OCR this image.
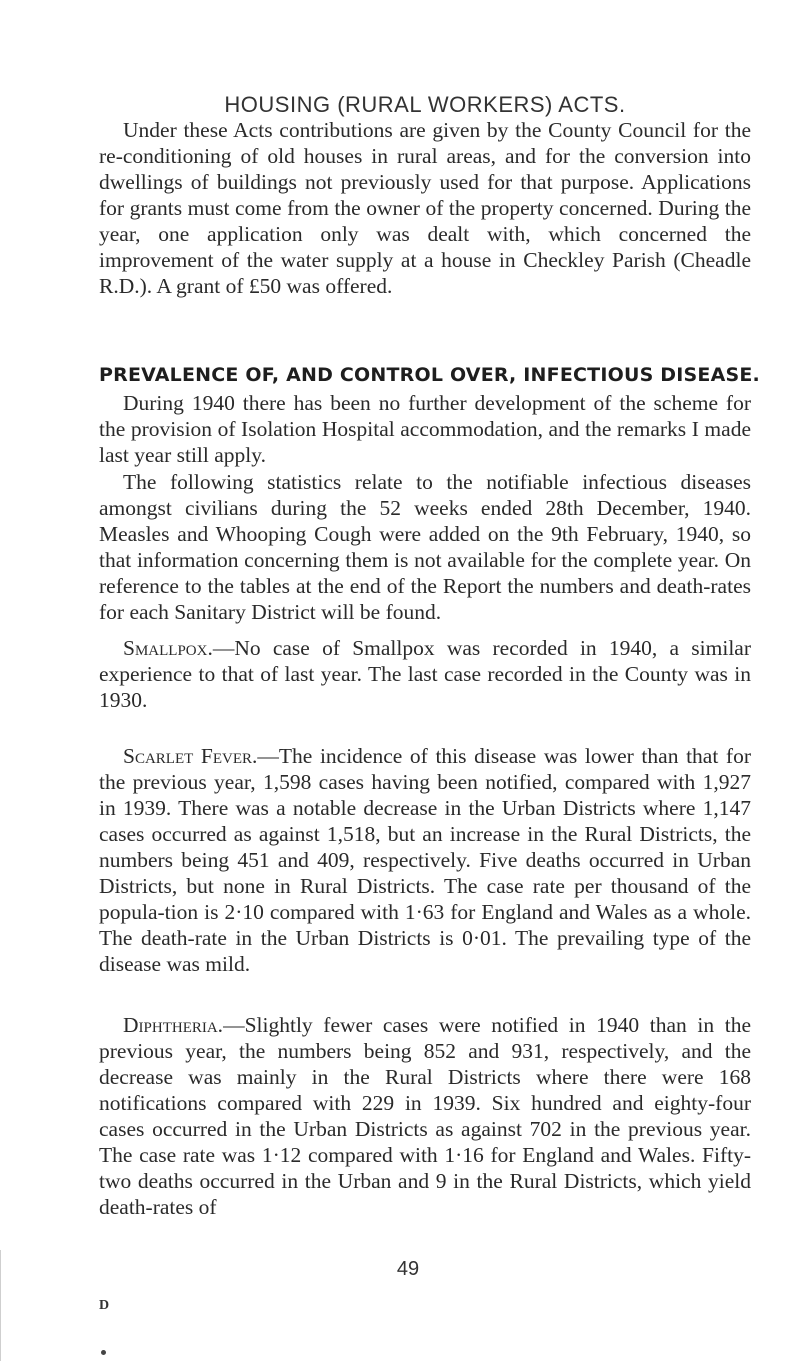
HOUSING (RURAL WORKERS) ACTS.

Under these Acts contributions are given by the County Council for the re-conditioning of old houses in rural areas, and for the conversion into dwellings of buildings not previously used for that purpose. Applications for grants must come from the owner of the property concerned. During the year, one application only was dealt with, which concerned the improvement of the water supply at a house in Checkley Parish (Cheadle R.D.). A grant of £50 was offered.

PREVALENCE OF, AND CONTROL OVER, INFECTIOUS DISEASE.

During 1940 there has been no further development of the scheme for the provision of Isolation Hospital accommodation, and the remarks I made last year still apply.

The following statistics relate to the notifiable infectious diseases amongst civilians during the 52 weeks ended 28th December, 1940. Measles and Whooping Cough were added on the 9th February, 1940, so that information concerning them is not available for the complete year. On reference to the tables at the end of the Report the numbers and death-rates for each Sanitary District will be found.

Smallpox.—No case of Smallpox was recorded in 1940, a similar experience to that of last year. The last case recorded in the County was in 1930.

Scarlet Fever.—The incidence of this disease was lower than that for the previous year, 1,598 cases having been notified, compared with 1,927 in 1939. There was a notable decrease in the Urban Districts where 1,147 cases occurred as against 1,518, but an increase in the Rural Districts, the numbers being 451 and 409, respectively. Five deaths occurred in Urban Districts, but none in Rural Districts. The case rate per thousand of the popula-tion is 2·10 compared with 1·63 for England and Wales as a whole. The death-rate in the Urban Districts is 0·01. The prevailing type of the disease was mild.

Diphtheria.—Slightly fewer cases were notified in 1940 than in the previous year, the numbers being 852 and 931, respectively, and the decrease was mainly in the Rural Districts where there were 168 notifications compared with 229 in 1939. Six hundred and eighty-four cases occurred in the Urban Districts as against 702 in the previous year. The case rate was 1·12 compared with 1·16 for England and Wales. Fifty-two deaths occurred in the Urban and 9 in the Rural Districts, which yield death-rates of

49
D
